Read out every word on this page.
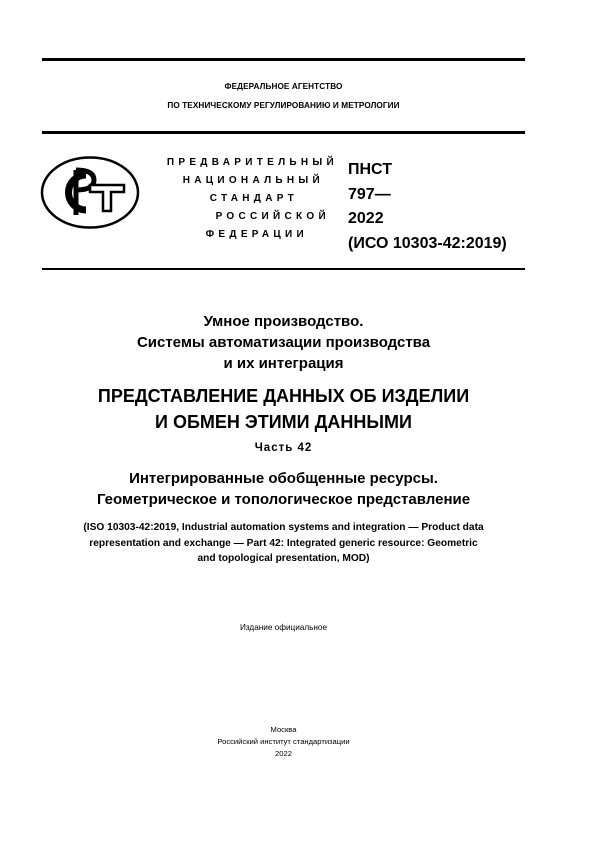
ФЕДЕРАЛЬНОЕ АГЕНТСТВО
ПО ТЕХНИЧЕСКОМУ РЕГУЛИРОВАНИЮ И МЕТРОЛОГИИ
ПРЕДВАРИТЕЛЬНЫЙ
НАЦИОНАЛЬНЫЙ
СТАНДАРТ
РОССИЙСКОЙ
ФЕДЕРАЦИИ
ПНСТ
797—
2022
(ИСО 10303-42:2019)
Умное производство.
Системы автоматизации производства
и их интеграция
ПРЕДСТАВЛЕНИЕ ДАННЫХ ОБ ИЗДЕЛИИ
И ОБМЕН ЭТИМИ ДАННЫМИ
Часть 42
Интегрированные обобщенные ресурсы.
Геометрическое и топологическое представление
(ISO 10303-42:2019, Industrial automation systems and integration — Product data
representation and exchange — Part 42: Integrated generic resource: Geometric
and topological presentation, MOD)
Издание официальное
Москва
Российский институт стандартизации
2022
